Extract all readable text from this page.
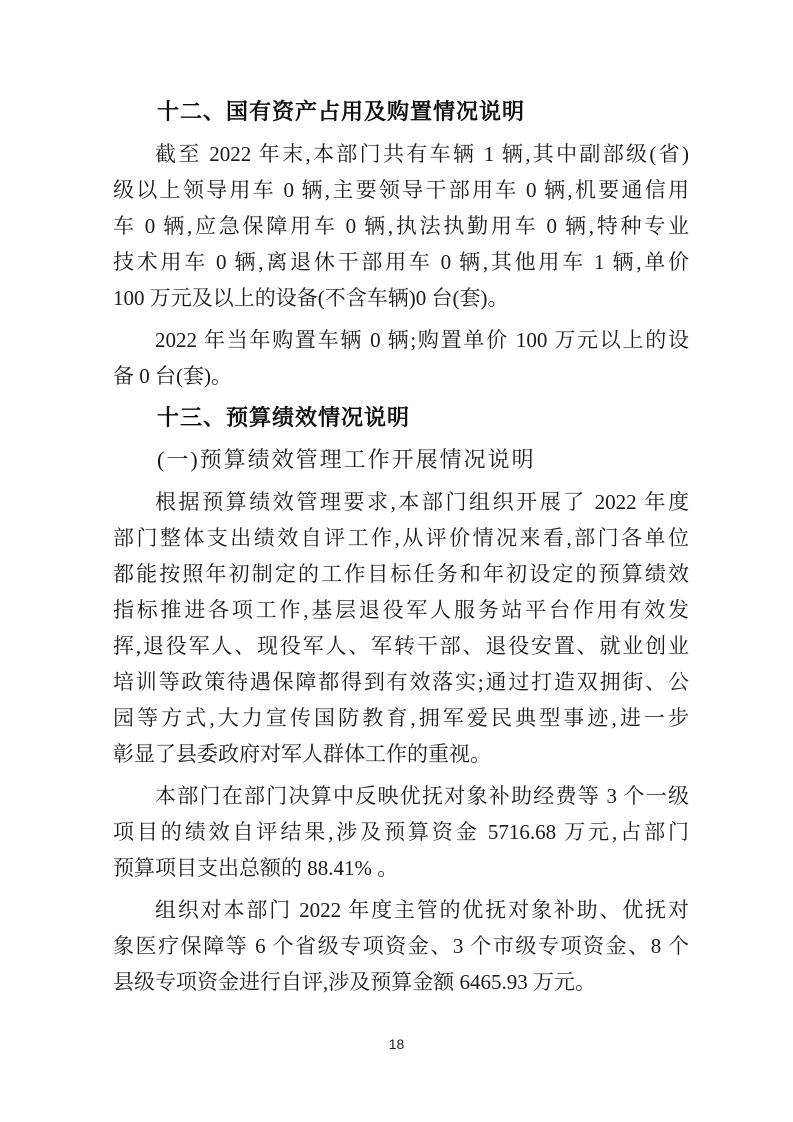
十二、国有资产占用及购置情况说明
截至 2022 年末,本部门共有车辆 1 辆,其中副部级(省)
级以上领导用车 0 辆,主要领导干部用车 0 辆,机要通信用
车 0 辆,应急保障用车 0 辆,执法执勤用车 0 辆,特种专业
技术用车 0 辆,离退休干部用车 0 辆,其他用车 1 辆,单价
100 万元及以上的设备(不含车辆)0 台(套)。
2022 年当年购置车辆 0 辆;购置单价 100 万元以上的设
备 0 台(套)。
十三、预算绩效情况说明
(一)预算绩效管理工作开展情况说明
根据预算绩效管理要求,本部门组织开展了 2022 年度
部门整体支出绩效自评工作,从评价情况来看,部门各单位
都能按照年初制定的工作目标任务和年初设定的预算绩效
指标推进各项工作,基层退役军人服务站平台作用有效发
挥,退役军人、现役军人、军转干部、退役安置、就业创业
培训等政策待遇保障都得到有效落实;通过打造双拥街、公
园等方式,大力宣传国防教育,拥军爱民典型事迹,进一步
彰显了县委政府对军人群体工作的重视。
本部门在部门决算中反映优抚对象补助经费等 3 个一级
项目的绩效自评结果,涉及预算资金 5716.68 万元,占部门
预算项目支出总额的 88.41% 。
组织对本部门 2022 年度主管的优抚对象补助、优抚对
象医疗保障等 6 个省级专项资金、3 个市级专项资金、8 个
县级专项资金进行自评,涉及预算金额 6465.93 万元。
18
